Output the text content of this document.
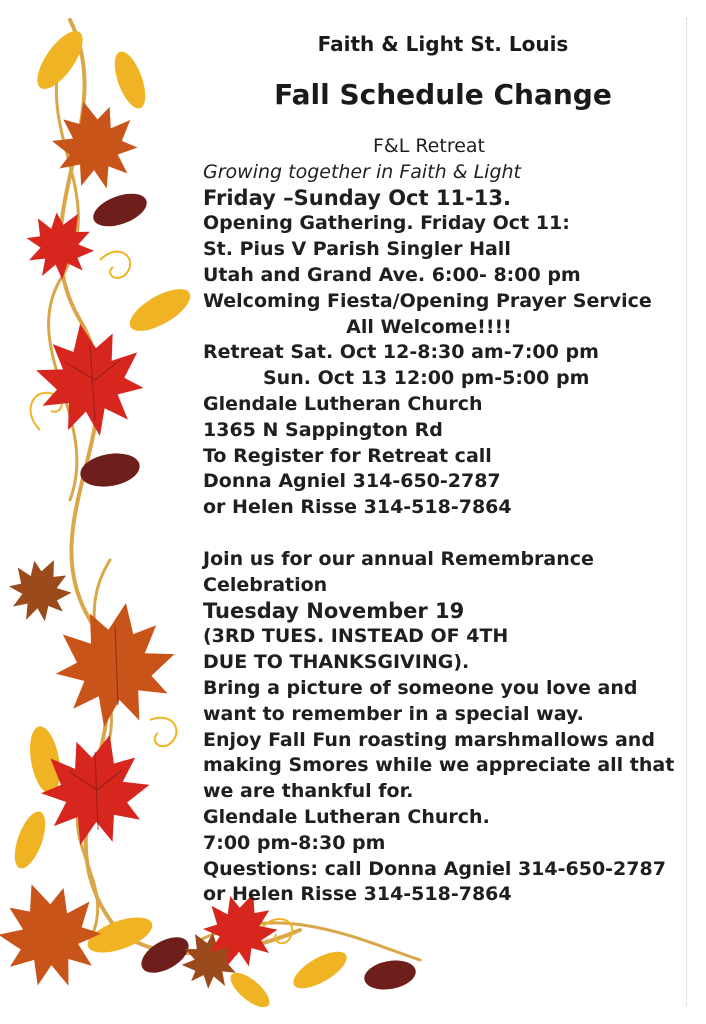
Faith & Light St. Louis
Fall Schedule Change
F&L Retreat
Growing together in Faith & Light
Friday –Sunday Oct 11-13.
Opening Gathering. Friday Oct 11:
St. Pius V Parish Singler Hall
Utah and Grand Ave. 6:00- 8:00 pm
Welcoming Fiesta/Opening Prayer Service
All Welcome!!!!
Retreat Sat. Oct 12-8:30 am-7:00 pm
Sun. Oct 13 12:00 pm-5:00 pm
Glendale Lutheran Church
1365 N Sappington Rd
To Register for Retreat call
Donna Agniel 314-650-2787
or Helen Risse 314-518-7864
Join us for our annual Remembrance
Celebration
Tuesday November 19
(3RD TUES. INSTEAD OF 4TH
DUE TO THANKSGIVING).
Bring a picture of someone you love and
want to remember in a special way.
Enjoy Fall Fun roasting marshmallows and
making Smores while we appreciate all that
we are thankful for.
Glendale Lutheran Church.
7:00 pm-8:30 pm
Questions: call Donna Agniel 314-650-2787
or Helen Risse 314-518-7864
